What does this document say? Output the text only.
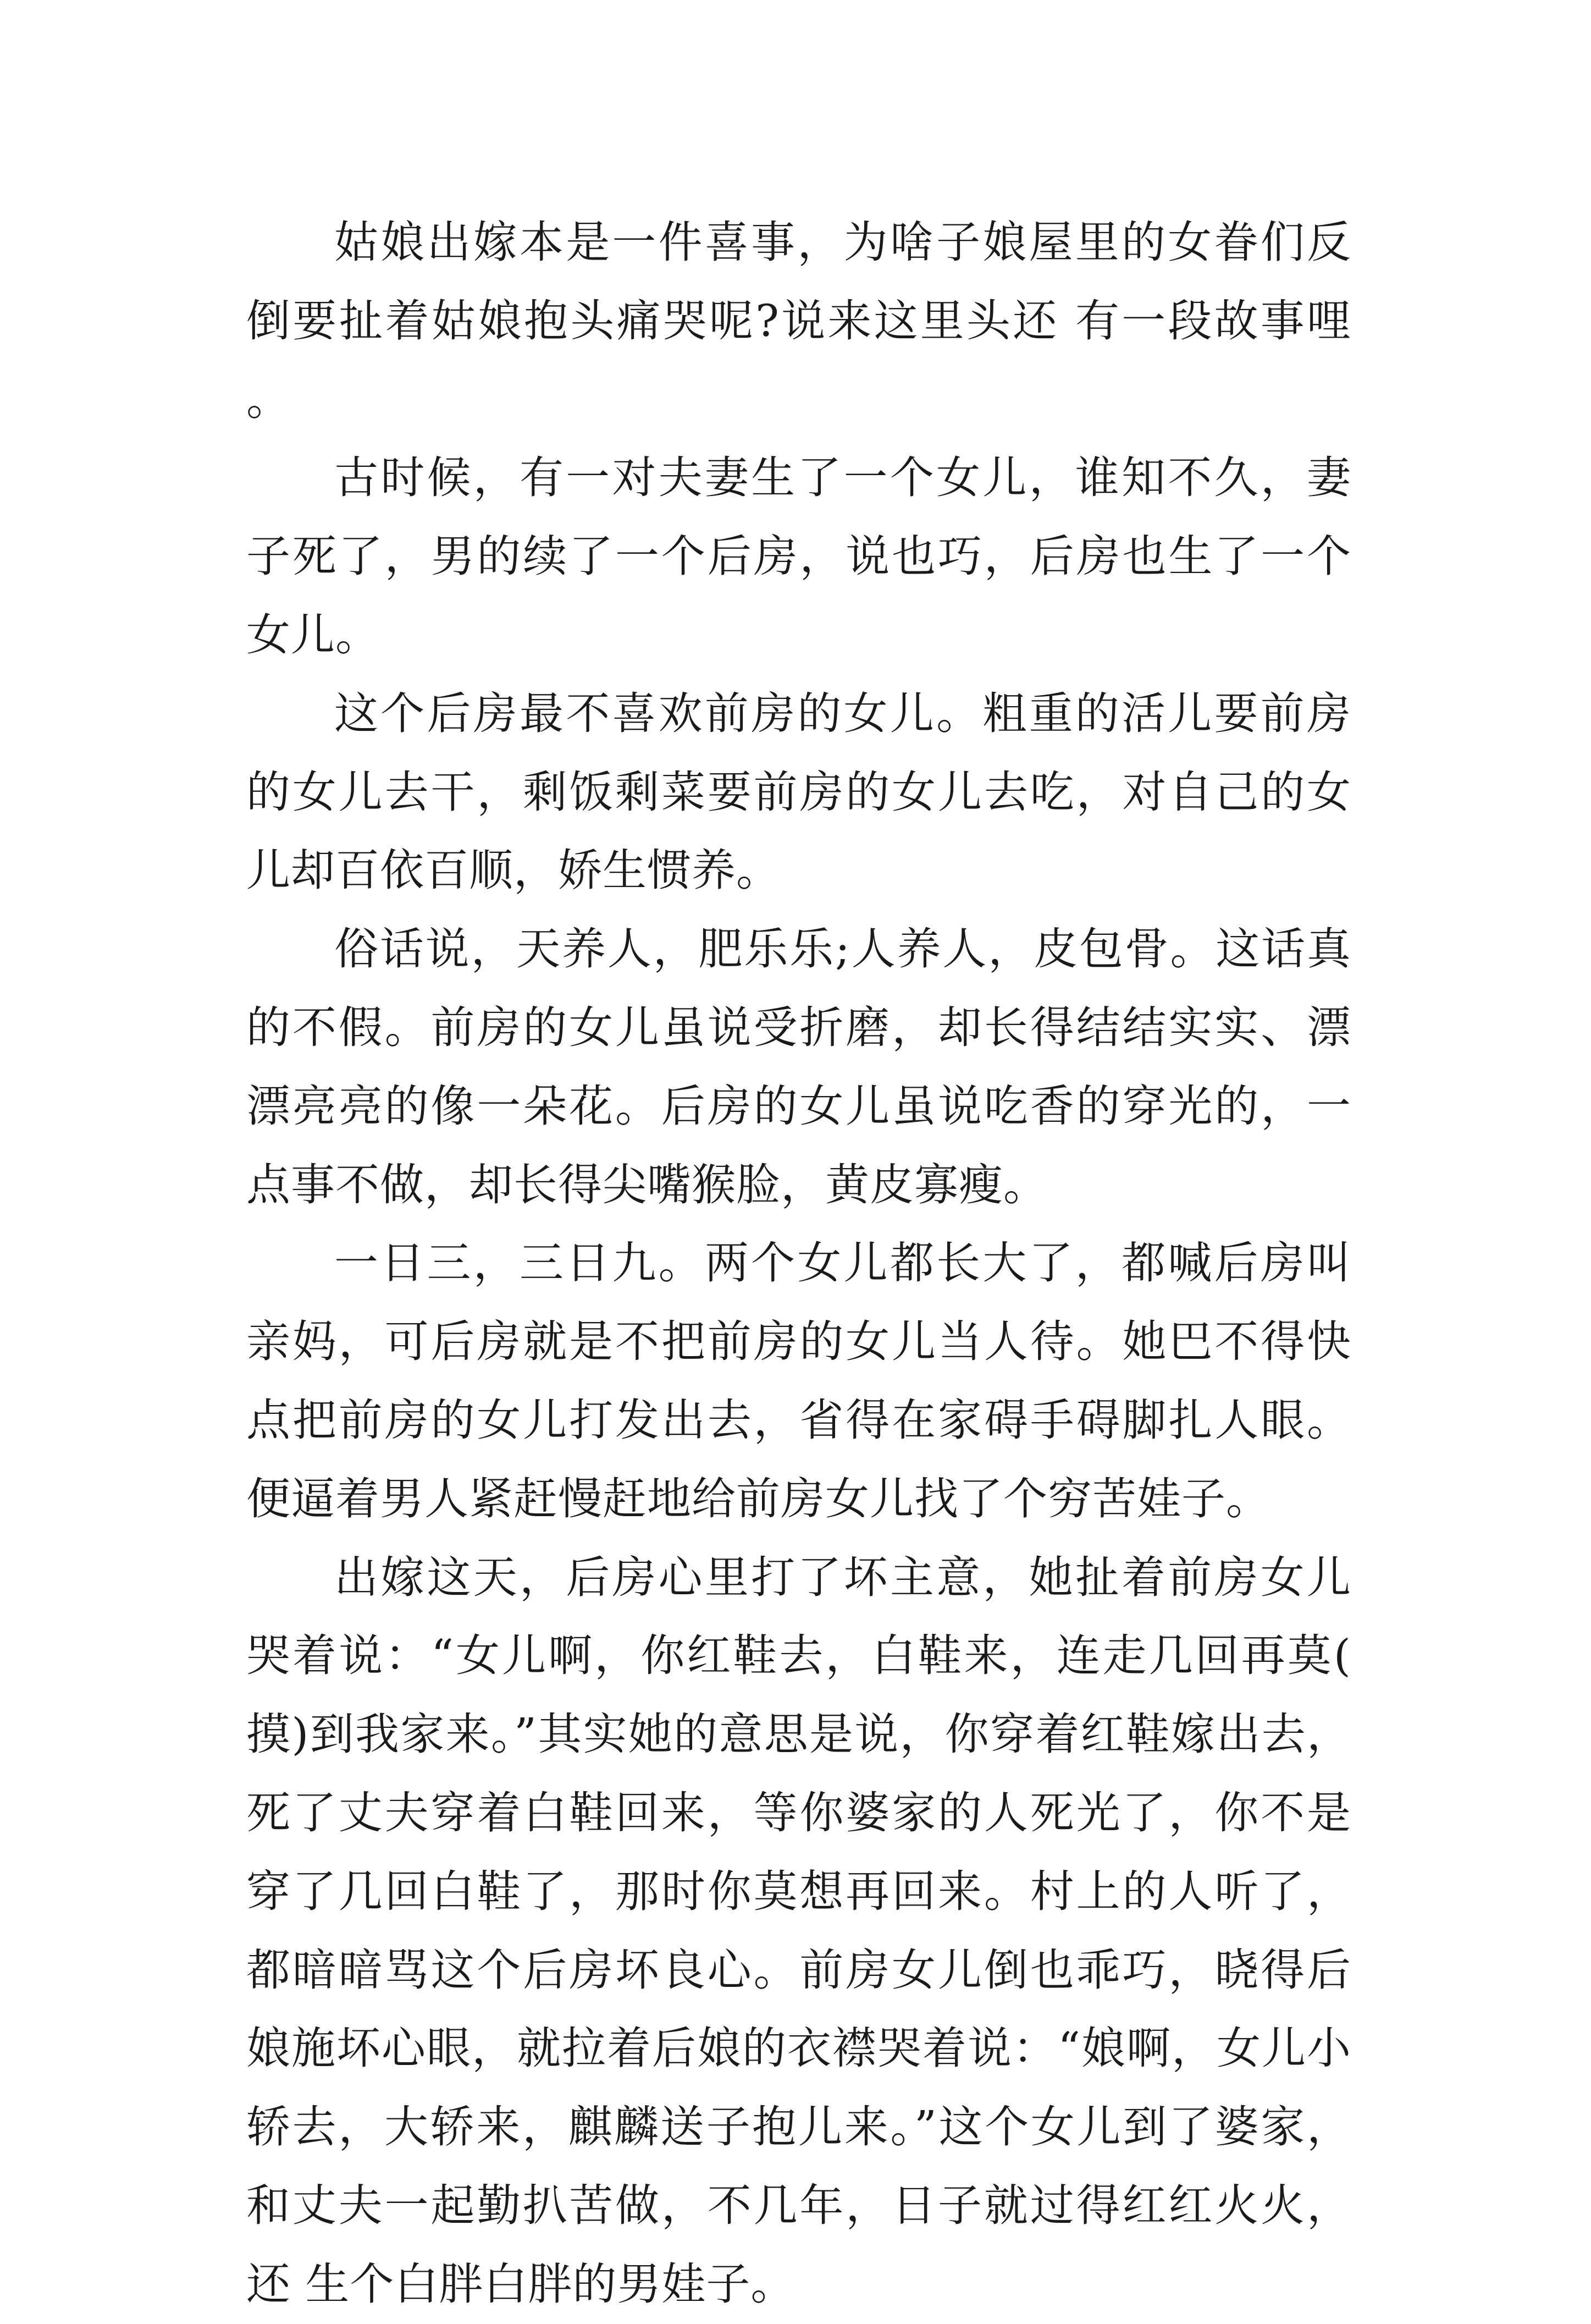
姑娘出嫁本是一件喜事，为啥子娘屋里的女眷们反倒要扯着姑娘抱头痛哭呢?说来这里头还 有一段故事哩。

古时候，有一对夫妻生了一个女儿，谁知不久，妻子死了，男的续了一个后房，说也巧，后房也生了一个女儿。

这个后房最不喜欢前房的女儿。粗重的活儿要前房的女儿去干，剩饭剩菜要前房的女儿去吃，对自己的女儿却百依百顺，娇生惯养。

俗话说，天养人，肥乐乐;人养人，皮包骨。这话真的不假。前房的女儿虽说受折磨，却长得结结实实、漂漂亮亮的像一朵花。后房的女儿虽说吃香的穿光的，一点事不做，却长得尖嘴猴脸，黄皮寡瘦。

一日三，三日九。两个女儿都长大了，都喊后房叫亲妈，可后房就是不把前房的女儿当人待。她巴不得快点把前房的女儿打发出去，省得在家碍手碍脚扎人眼。便逼着男人紧赶慢赶地给前房女儿找了个穷苦娃子。

出嫁这天，后房心里打了坏主意，她扯着前房女儿哭着说：“女儿啊，你红鞋去，白鞋来，连走几回再莫(摸)到我家来。”其实她的意思是说，你穿着红鞋嫁出去，死了丈夫穿着白鞋回来，等你婆家的人死光了，你不是穿了几回白鞋了，那时你莫想再回来。村上的人听了，都暗暗骂这个后房坏良心。前房女儿倒也乖巧，晓得后娘施坏心眼，就拉着后娘的衣襟哭着说：“娘啊，女儿小轿去，大轿来，麒麟送子抱儿来。”这个女儿到了婆家，和丈夫一起勤扒苦做，不几年，日子就过得红红火火，还 生个白胖白胖的男娃子。
